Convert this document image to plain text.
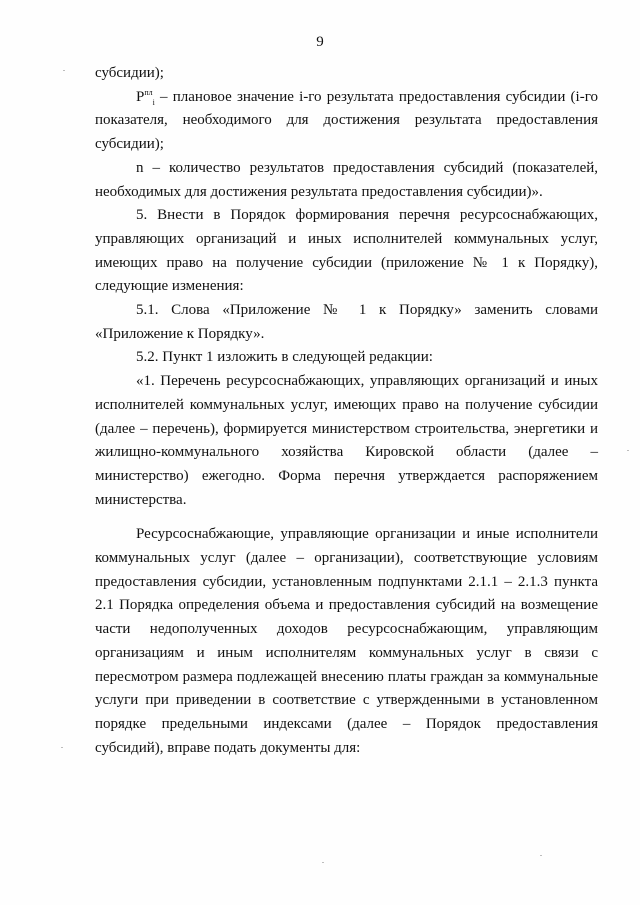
9

субсидии);

$P^{пл}_i$ – плановое значение i-го результата предоставления субсидии (i-го показателя, необходимого для достижения результата предоставления субсидии);

n – количество результатов предоставления субсидий (показателей, необходимых для достижения результата предоставления субсидии)».

5. Внести в Порядок формирования перечня ресурсоснабжающих, управляющих организаций и иных исполнителей коммунальных услуг, имеющих право на получение субсидии (приложение № 1 к Порядку), следующие изменения:

5.1. Слова «Приложение № 1 к Порядку» заменить словами «Приложение к Порядку».

5.2. Пункт 1 изложить в следующей редакции:

«1. Перечень ресурсоснабжающих, управляющих организаций и иных исполнителей коммунальных услуг, имеющих право на получение субсидии (далее – перечень), формируется министерством строительства, энергетики и жилищно-коммунального хозяйства Кировской области (далее – министерство) ежегодно. Форма перечня утверждается распоряжением министерства.

Ресурсоснабжающие, управляющие организации и иные исполнители коммунальных услуг (далее – организации), соответствующие условиям предоставления субсидии, установленным подпунктами 2.1.1 – 2.1.3 пункта 2.1 Порядка определения объема и предоставления субсидий на возмещение части недополученных доходов ресурсоснабжающим, управляющим организациям и иным исполнителям коммунальных услуг в связи с пересмотром размера подлежащей внесению платы граждан за коммунальные услуги при приведении в соответствие с утвержденными в установленном порядке предельными индексами (далее – Порядок предоставления субсидий), вправе подать документы для:
